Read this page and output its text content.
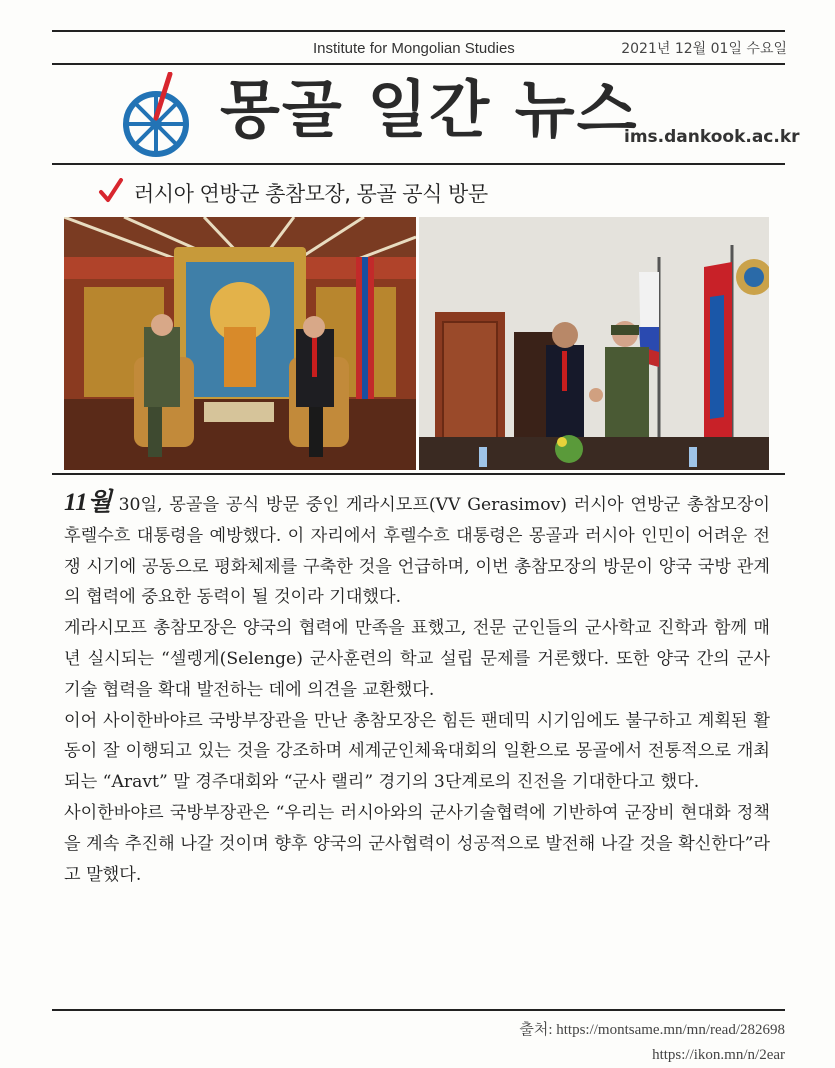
Institute for Mongolian Studies	2021년 12월 01일 수요일
몽골 일간 뉴스
ims.dankook.ac.kr
러시아 연방군 총참모장, 몽골 공식 방문

11월 30일, 몽골을 공식 방문 중인 게라시모프(VV Gerasimov) 러시아 연방군 총참모장이 후렐수흐 대통령을 예방했다. 이 자리에서 후렐수흐 대통령은 몽골과 러시아 인민이 어려운 전쟁 시기에 공동으로 평화체제를 구축한 것을 언급하며, 이번 총참모장의 방문이 양국 국방 관계의 협력에 중요한 동력이 될 것이라 기대했다.

게라시모프 총참모장은 양국의 협력에 만족을 표했고, 전문 군인들의 군사학교 진학과 함께 매년 실시되는 “셀렝게(Selenge) 군사훈련의 학교 설립 문제를 거론했다. 또한 양국 간의 군사 기술 협력을 확대 발전하는 데에 의견을 교환했다.

이어 사이한바야르 국방부장관을 만난 총참모장은 힘든 팬데믹 시기임에도 불구하고 계획된 활동이 잘 이행되고 있는 것을 강조하며 세계군인체육대회의 일환으로 몽골에서 전통적으로 개최되는 “Aravt” 말 경주대회와 “군사 랠리” 경기의 3단계로의 진전을 기대한다고 했다.

사이한바야르 국방부장관은 “우리는 러시아와의 군사기술협력에 기반하여 군장비 현대화 정책을 계속 추진해 나갈 것이며 향후 양국의 군사협력이 성공적으로 발전해 나갈 것을 확신한다”라고 말했다.

출처: https://montsame.mn/mn/read/282698
https://ikon.mn/n/2ear
